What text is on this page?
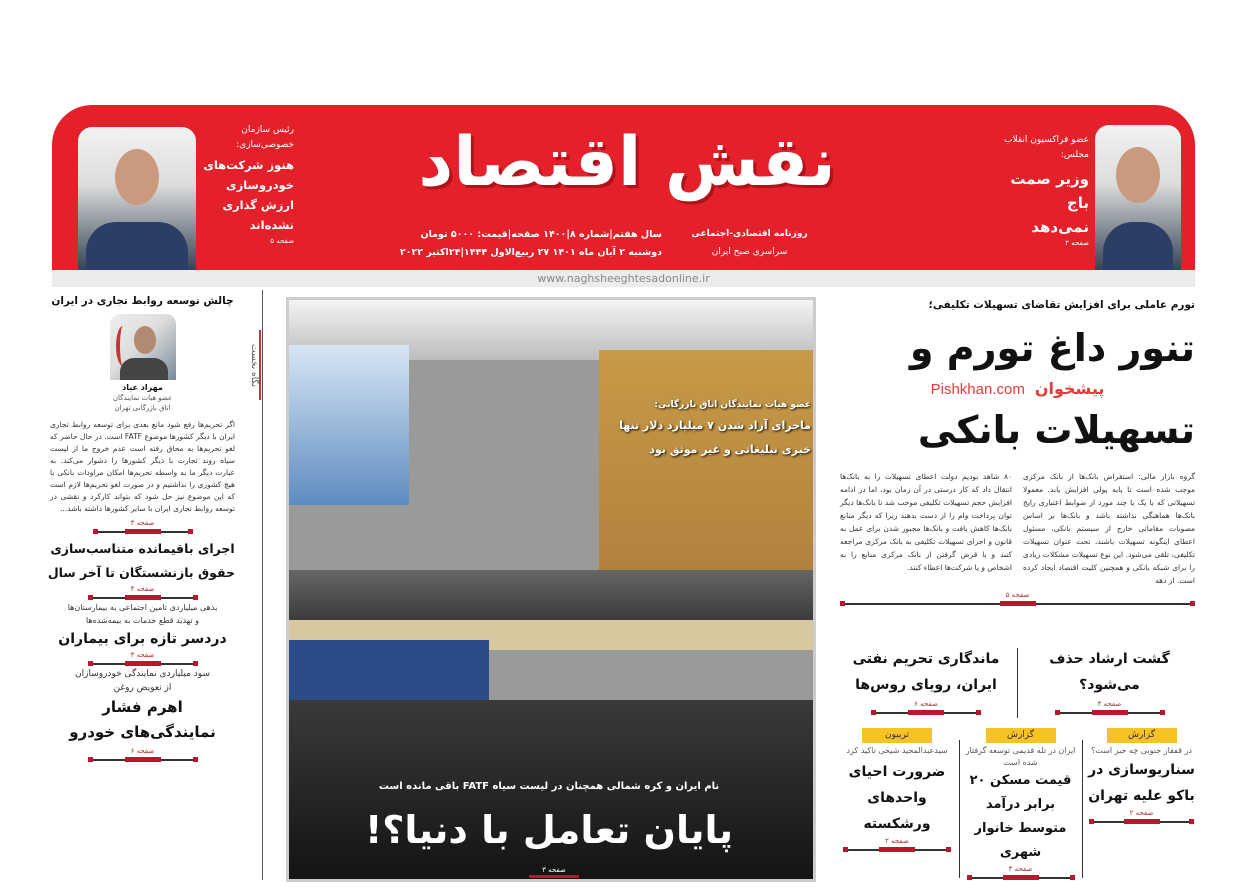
عضو فراکسیون انقلاب مجلس:
وزیر صمت
باج
نمی‌دهد
صفحه ۲
رئیس سازمان خصوصی‌سازی:
هنوز شرکت‌های
خودروسازی
ارزش گذاری
نشده‌اند
صفحه ۵
نقش اقتصاد
روزنامه اقتصادی-اجتماعی
سراسری صبح ایران
سال هفتم|شماره ۸|۱۴۰۰ صفحه|قیمت: ۵۰۰۰ تومان
دوشنبه ۲ آبان ماه ۱۴۰۱ ۲۷ ربیع‌الاول ۱۴۴۴|۲۴اکتبر ۲۰۲۲
www.naghsheeghtesadonline.ir
چالش توسعه روابط تجاری در ایران
مهراد عباد
عضو هیات نمایندگان
اتاق بازرگانی تهران
اگر تحریم‌ها رفع شود مانع بعدی برای توسعه روابط تجاری ایران با دیگر کشورها موضوع FATF است. در حال حاضر که لغو تحریم‌ها به محاق رفته است عدم خروج ما از لیست سیاه روند تجارت با دیگر کشورها را دشوار می‌کند. به عبارت دیگر ما به واسطه تحریم‌ها امکان مراودات بانکی با هیچ کشوری را نداشتیم و در صورت لغو تحریم‌ها لازم است که این موضوع نیز حل شود که بتواند کارکرد و نقشی در توسعه روابط تجاری ایران با سایر کشورها داشته باشد...
صفحه ۳
اجرای باقیمانده متناسب‌سازی
حقوق بازنشستگان تا آخر سال
صفحه ۴
بدهی میلیاردی تامین اجتماعی به بیمارستان‌ها
و تهدید قطع خدمات به بیمه‌شده‌ها
دردسر تازه برای بیماران
صفحه ۴
سود میلیاردی نمایندگی خودروسازان
از تعویض روغن
اهرم فشار
نمایندگی‌های خودرو
صفحه ۶
نگاه نخست
عضو هیات نمایندگان اتاق بازرگانی:
ماجرای آزاد شدن ۷ میلیارد دلار تنها
خبری تبلیغاتی و غیر موثق بود
نام ایران و کره شمالی همچنان در لیست سیاه FATF باقی مانده است
پایان تعامل با دنیا؟!
صفحه ۳
تورم عاملی برای افزایش تقاضای تسهیلات تکلیفی؛
تنور داغ تورم و
Pishkhan.com پیشخوان
تسهیلات بانکی
گروه بازار مالی: استقراض بانک‌ها از بانک مرکزی موجب شده است تا پایه پولی افزایش یابد. معمولا تسهیلاتی که با یک یا چند مورد از ضوابط اعتباری رایج بانک‌ها هماهنگی نداشته باشد و بانک‌ها بر اساس مصوبات مقاماتی خارج از سیستم بانکی، مسئول اعطای اینگونه تسهیلات باشند، تحت عنوان تسهیلات تکلیفی، تلقی می‌شود. این نوع تسهیلات مشکلات زیادی را برای شبکه بانکی و همچنین کلیت اقتصاد ایجاد کرده است. از دهه
۸۰ شاهد بودیم دولت اعطای تسهیلات را به بانک‌ها انتقال داد که کار درستی در آن زمان بود، اما در ادامه افزایش حجم تسهیلات تکلیفی موجب شد تا بانک‌ها دیگر توان پرداخت وام را از دست بدهند زیرا که دیگر منابع بانک‌ها کاهش یافت و بانک‌ها مجبور شدن برای عمل به قانون و اجرای تسهیلات تکلیفی به بانک مرکزی مراجعه کنند و با قرض گرفتن از بانک مرکزی منابع را به اشخاص و یا شرکت‌ها اعطاء کنند.
صفحه ۵
گشت ارشاد حذف می‌شود؟
صفحه ۴
ماندگاری تحریم نفتی ایران، رویای روس‌ها
صفحه ۶
گزارش
در قفقاز جنوبی چه خبر است؟
سناریوسازی در باکو علیه تهران
صفحه ۲
گزارش
ایران در تله قدیمی توسعه گرفتار شده است
قیمت مسکن ۲۰ برابر درآمد متوسط خانوار شهری
صفحه ۴
تریبون
سیدعبدالمجید شیخی تاکید کرد
ضرورت احیای واحدهای ورشکسته
صفحه ۲
